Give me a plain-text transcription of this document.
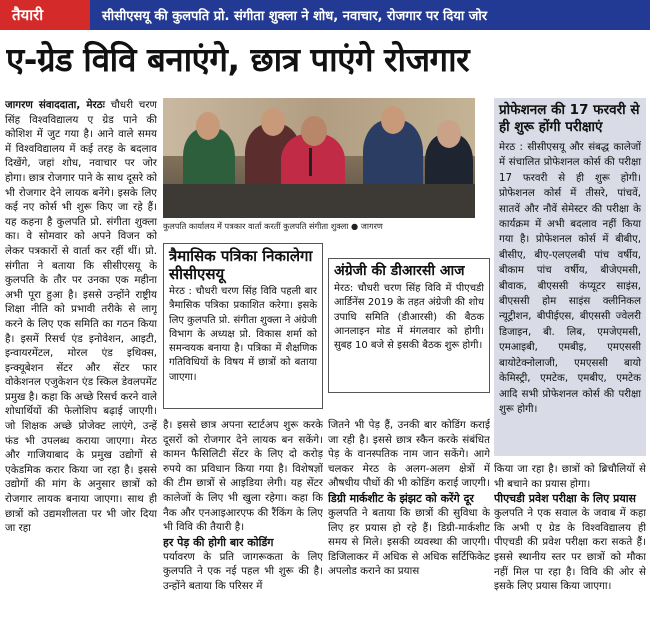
तैयारी	सीसीएसयू की कुलपति प्रो. संगीता शुक्ला ने शोध, नवाचार, रोजगार पर दिया जोर
ए-ग्रेड विवि बनाएंगे, छात्र पाएंगे रोजगार
जागरण संवाददाता, मेरठः चौधरी चरण सिंह विश्वविद्यालय ए ग्रेड पाने की कोशिश में जुट गया है। आने वाले समय में विश्वविद्यालय में कई तरह के बदलाव दिखेंगे, जहां शोध, नवाचार पर जोर होगा। छात्र रोजगार पाने के साथ दूसरे को भी रोजगार देने लायक बनेंगे। इसके लिए कई नए कोर्स भी शुरू किए जा रहे हैं। यह कहना है कुलपति प्रो. संगीता शुक्ला का। वे सोमवार को अपने विजन को लेकर पत्रकारों से वार्ता कर रहीं थीं। प्रो. संगीता ने बताया कि सीसीएसयू के कुलपति के तौर पर उनका एक महीना अभी पूरा हुआ है। इससे उन्होंने राष्ट्रीय शिक्षा नीति को प्रभावी तरीके से लागू करने के लिए एक समिति का गठन किया है। इसमें रिसर्च एंड इनोवेशन, आइटी, इन्वायरमेंटल, मोरल एंड इथिक्स, इन्क्यूबेशन सेंटर और सेंटर फार वोकेशनल एजुकेशन एंड स्किल डेवलपमेंट प्रमुख है। कहा कि अच्छे रिसर्च करने वाले शोधार्थियों की फेलोशिप बढ़ाई जाएगी। जो शिक्षक अच्छे प्रोजेक्ट लाएंगे, उन्हें फंड भी उपलब्ध कराया जाएगा। मेरठ और गाजियाबाद के प्रमुख उद्योगों से एकेडमिक करार किया जा रहा है। इससे उद्योगों की मांग के अनुसार छात्रों को रोजगार लायक बनाया जाएगा। साथ ही छात्रों को उद्यमशीलता पर भी जोर दिया जा रहा
कुलपति कार्यालय में पत्रकार वार्ता करतीं कुलपति संगीता शुक्ला ● जागरण
त्रैमासिक पत्रिका निकालेगा सीसीएसयू
मेरठ : चौधरी चरण सिंह विवि पहली बार त्रैमासिक पत्रिका प्रकाशित करेगा। इसके लिए कुलपति प्रो. संगीता शुक्ला ने अंग्रेजी विभाग के अध्यक्ष प्रो. विकास शर्मा को समन्वयक बनाया है। पत्रिका में शैक्षणिक गतिविधियों के विषय में छात्रों को बताया जाएगा।
अंग्रेजी की डीआरसी आज
मेरठ: चौधरी चरण सिंह विवि में पीएचडी आर्डिनेंस 2019 के तहत अंग्रेजी की शोध उपाधि समिति (डीआरसी) की बैठक आनलाइन मोड में मंगलवार को होगी। सुबह 10 बजे से इसकी बैठक शुरू होगी।

है। इससे छात्र अपना स्टार्टअप शुरू करके दूसरों को रोजगार देने लायक बन सकेंगे। कामन फैसिलिटी सेंटर के लिए दो करोड़ रुपये का प्रविधान किया गया है। विशेषज्ञों की टीम छात्रों से आइडिया लेगी। यह सेंटर कालेजों के लिए भी खुला रहेगा। कहा कि नैक और एनआइआरएफ की रैंकिंग के लिए भी विवि की तैयारी है।

हर पेड़ की होगी बार कोडिंग

पर्यावरण के प्रति जागरूकता के लिए कुलपति ने एक नई पहल भी शुरू की है। उन्होंने बताया कि परिसर में

जितने भी पेड़ हैं, उनकी बार कोडिंग कराई जा रही है। इससे छात्र स्कैन करके संबंधित पेड़ के वानस्पतिक नाम जान सकेंगे। आगे चलकर मेरठ के अलग-अलग क्षेत्रों में औषधीय पौधों की भी कोडिंग कराई जाएगी।

डिग्री मार्कशीट के झंझट को करेंगे दूर

कुलपति ने बताया कि छात्रों की सुविधा के लिए हर प्रयास हो रहे हैं। डिग्री-मार्कशीट समय से मिले। इसकी व्यवस्था की जाएगी। डिजिलाकर में अधिक से अधिक सर्टिफिकेट अपलोड कराने का प्रयास

प्रोफेशनल की 17 फरवरी से ही शुरू होंगी परीक्षाएं
मेरठ : सीसीएसयू और संबद्ध कालेजों में संचालित प्रोफेशनल कोर्स की परीक्षा 17 फरवरी से ही शुरू होगी। प्रोफेशनल कोर्स में तीसरे, पांचवें, सातवें और नौवें सेमेस्टर की परीक्षा के कार्यक्रम में अभी बदलाव नहीं किया गया है। प्रोफेशनल कोर्स में बीबीए, बीसीए, बीए-एलएलबी पांच वर्षीय, बीकाम पांच वर्षीय, बीजेएमसी, बीवाक, बीएससी कंप्यूटर साइंस, बीएससी होम साइंस क्लीनिकल न्यूट्रीशन, बीपीईएस, बीएससी ज्वेलरी डिजाइन, बी. लिब, एमजेएमसी, एमआइबी, एमबीइ, एमएससी बायोटेक्नोलाजी, एमएससी बायो केमिस्ट्री, एमटेक, एमबीए, एमटेक आदि सभी प्रोफेशनल कोर्स की परीक्षा शुरू होगी।

किया जा रहा है। छात्रों को ब्रिचौलियों से भी बचाने का प्रयास होगा।

पीएचडी प्रवेश परीक्षा के लिए प्रयास

कुलपति ने एक सवाल के जवाब में कहा कि अभी ए ग्रेड के विश्वविद्यालय ही पीएचडी की प्रवेश परीक्षा करा सकते हैं। इससे स्थानीय स्तर पर छात्रों को मौका नहीं मिल पा रहा है। विवि की ओर से इसके लिए प्रयास किया जाएगा।
